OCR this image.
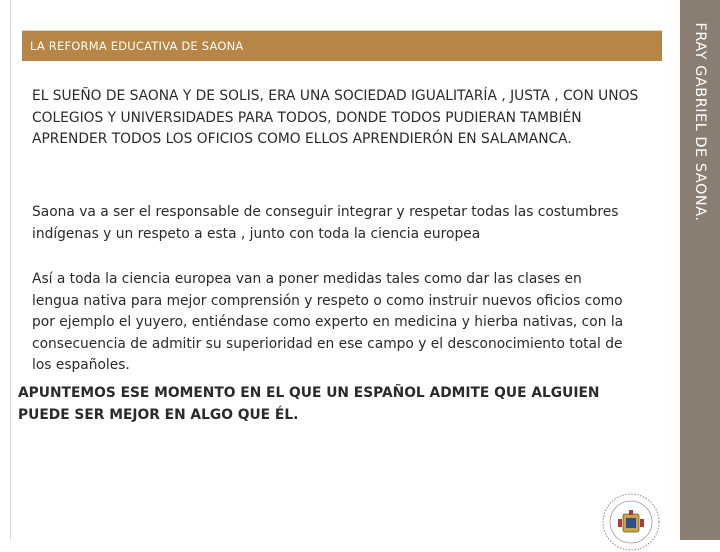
LA REFORMA EDUCATIVA DE SAONA	FRAY GABRIEL DE SAONA.

EL SUEÑO DE SAONA Y DE SOLIS, ERA UNA SOCIEDAD IGUALITARÍA , JUSTA , CON UNOS COLEGIOS Y UNIVERSIDADES PARA TODOS, DONDE TODOS PUDIERAN TAMBIÉN APRENDER TODOS LOS OFICIOS COMO ELLOS APRENDIERÓN EN SALAMANCA.

Saona va a ser el responsable de conseguir integrar y respetar todas las costumbres indígenas y un respeto a esta , junto con toda la ciencia europea

Así a toda la ciencia europea van a poner medidas tales como dar las clases en lengua nativa para mejor comprensión y respeto o como instruir nuevos oficios como por ejemplo el yuyero, entiéndase como experto en medicina y hierba nativas, con la consecuencia de admitir su superioridad en ese campo y el desconocimiento total de los españoles.

APUNTEMOS ESE MOMENTO EN EL QUE UN ESPAÑOL ADMITE QUE ALGUIEN PUEDE SER MEJOR EN ALGO QUE ÉL.
